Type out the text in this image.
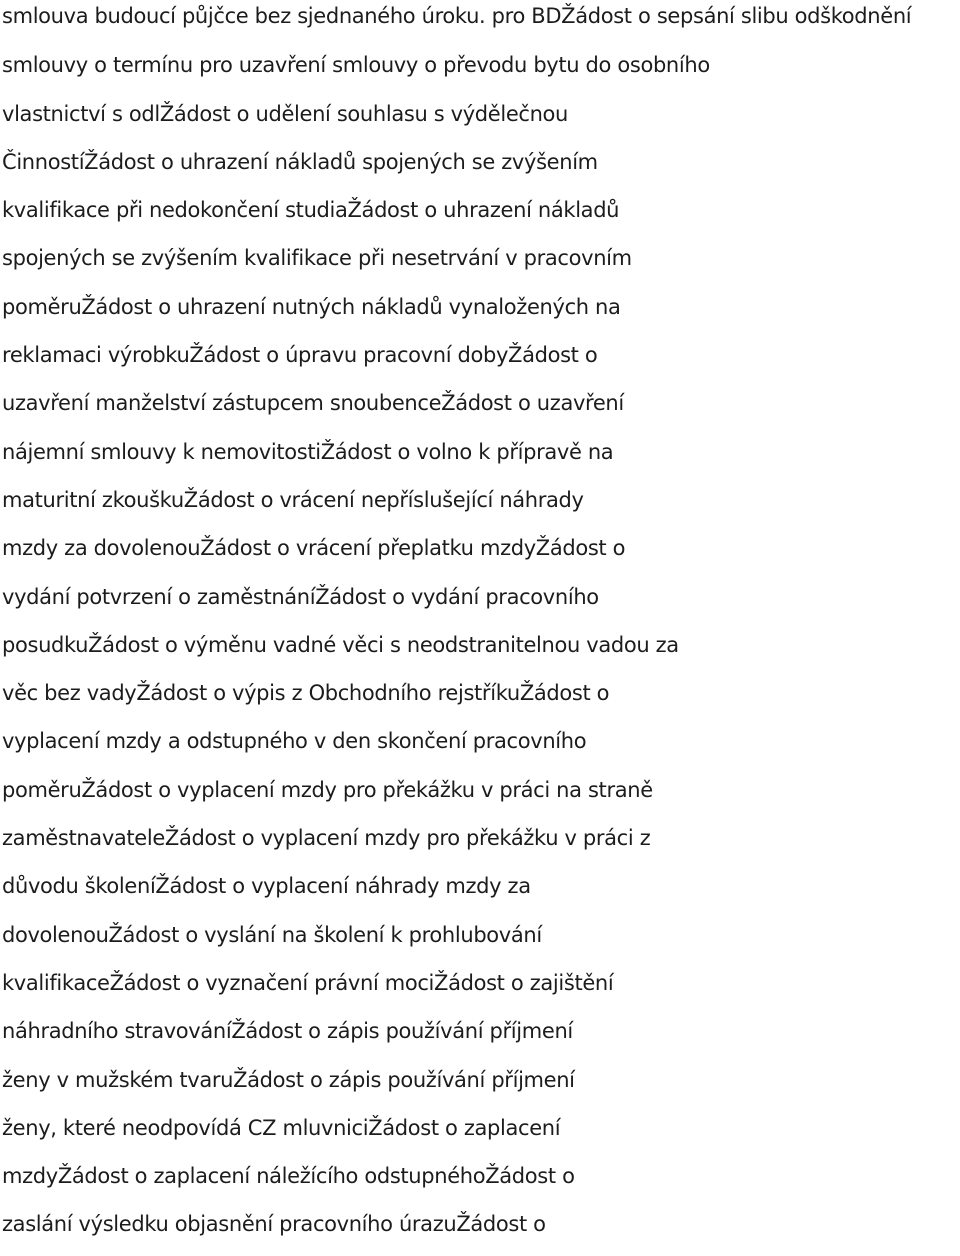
smlouva budoucí půjčce bez sjednaného úroku. pro BDŽádost o sepsání slibu odškodnění
smlouvy o termínu pro uzavření smlouvy o převodu bytu do osobního
vlastnictví s odlŽádost o udělení souhlasu s výdělečnou
ČinnostíŽádost o uhrazení nákladů spojených se zvýšením
kvalifikace při nedokončení studiaŽádost o uhrazení nákladů
spojených se zvýšením kvalifikace při nesetrvání v pracovním
poměruŽádost o uhrazení nutných nákladů vynaložených na
reklamaci výrobkuŽádost o úpravu pracovní dobyŽádost o
uzavření manželství zástupcem snoubenceŽádost o uzavření
nájemní smlouvy k nemovitostiŽádost o volno k přípravě na
maturitní zkouškuŽádost o vrácení nepříslušející náhrady
mzdy za dovolenouŽádost o vrácení přeplatku mzdyŽádost o
vydání potvrzení o zaměstnáníŽádost o vydání pracovního
posudkuŽádost o výměnu vadné věci s neodstranitelnou vadou za
věc bez vadyŽádost o výpis z Obchodního rejstříkuŽádost o
vyplacení mzdy a odstupného v den skončení pracovního
poměruŽádost o vyplacení mzdy pro překážku v práci na straně
zaměstnavateleŽádost o vyplacení mzdy pro překážku v práci z
důvodu školeníŽádost o vyplacení náhrady mzdy za
dovolenouŽádost o vyslání na školení k prohlubování
kvalifikaceŽádost o vyznačení právní mociŽádost o zajištění
náhradního stravováníŽádost o zápis používání příjmení
ženy v mužském tvaruŽádost o zápis používání příjmení
ženy, které neodpovídá CZ mluvniciŽádost o zaplacení
mzdyŽádost o zaplacení náležícího odstupnéhoŽádost o
zaslání výsledku objasnění pracovního úrazuŽádost o
